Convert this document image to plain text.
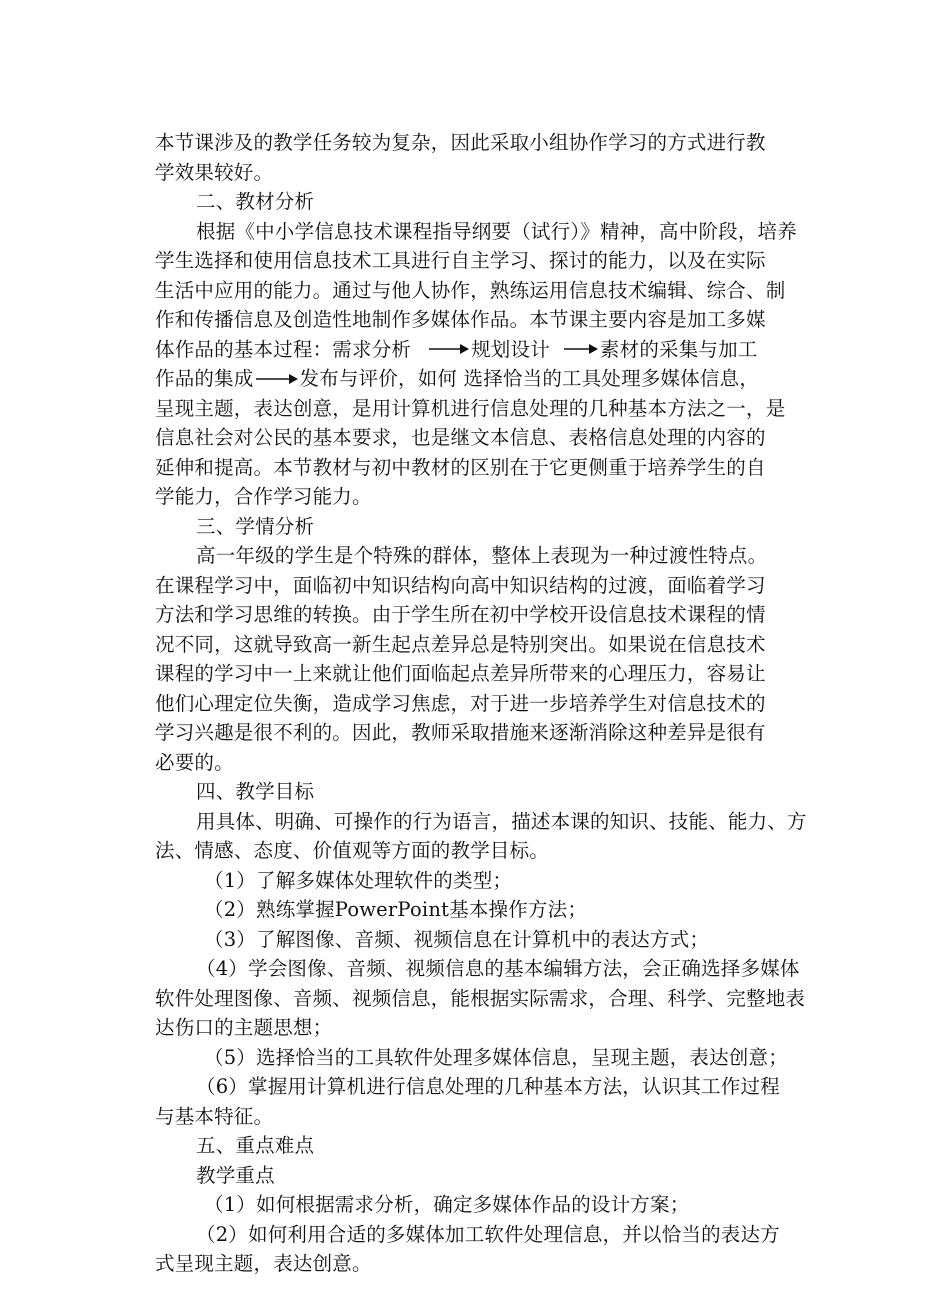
本节课涉及的教学任务较为复杂，因此采取小组协作学习的方式进行教
学效果较好。
二、教材分析
根据《中小学信息技术课程指导纲要（试行）》精神，高中阶段，培养
学生选择和使用信息技术工具进行自主学习、探讨的能力，以及在实际
生活中应用的能力。通过与他人协作，熟练运用信息技术编辑、综合、制
作和传播信息及创造性地制作多媒体作品。本节课主要内容是加工多媒
体作品的基本过程：需求分析	规划设计	素材的采集与加工
作品的集成 发布与评价，如何 选择恰当的工具处理多媒体信息，
呈现主题，表达创意，是用计算机进行信息处理的几种基本方法之一，是
信息社会对公民的基本要求，也是继文本信息、表格信息处理的内容的
延伸和提高。本节教材与初中教材的区别在于它更侧重于培养学生的自
学能力，合作学习能力。
三、学情分析
高一年级的学生是个特殊的群体，整体上表现为一种过渡性特点。
在课程学习中，面临初中知识结构向高中知识结构的过渡，面临着学习
方法和学习思维的转换。由于学生所在初中学校开设信息技术课程的情
况不同，这就导致高一新生起点差异总是特别突出。如果说在信息技术
课程的学习中一上来就让他们面临起点差异所带来的心理压力，容易让
他们心理定位失衡，造成学习焦虑，对于进一步培养学生对信息技术的
学习兴趣是很不利的。因此，教师采取措施来逐渐消除这种差异是很有
必要的。
四、教学目标
用具体、明确、可操作的行为语言，描述本课的知识、技能、能力、方
法、情感、态度、价值观等方面的教学目标。
（1）了解多媒体处理软件的类型；
（2）熟练掌握PowerPoint基本操作方法；
（3）了解图像、音频、视频信息在计算机中的表达方式；
（4）学会图像、音频、视频信息的基本编辑方法，会正确选择多媒体
软件处理图像、音频、视频信息，能根据实际需求，合理、科学、完整地表
达伤口的主题思想；
（5）选择恰当的工具软件处理多媒体信息，呈现主题，表达创意；
（6）掌握用计算机进行信息处理的几种基本方法，认识其工作过程
与基本特征。
五、重点难点
教学重点
（1）如何根据需求分析，确定多媒体作品的设计方案；
（2）如何利用合适的多媒体加工软件处理信息，并以恰当的表达方
式呈现主题，表达创意。
